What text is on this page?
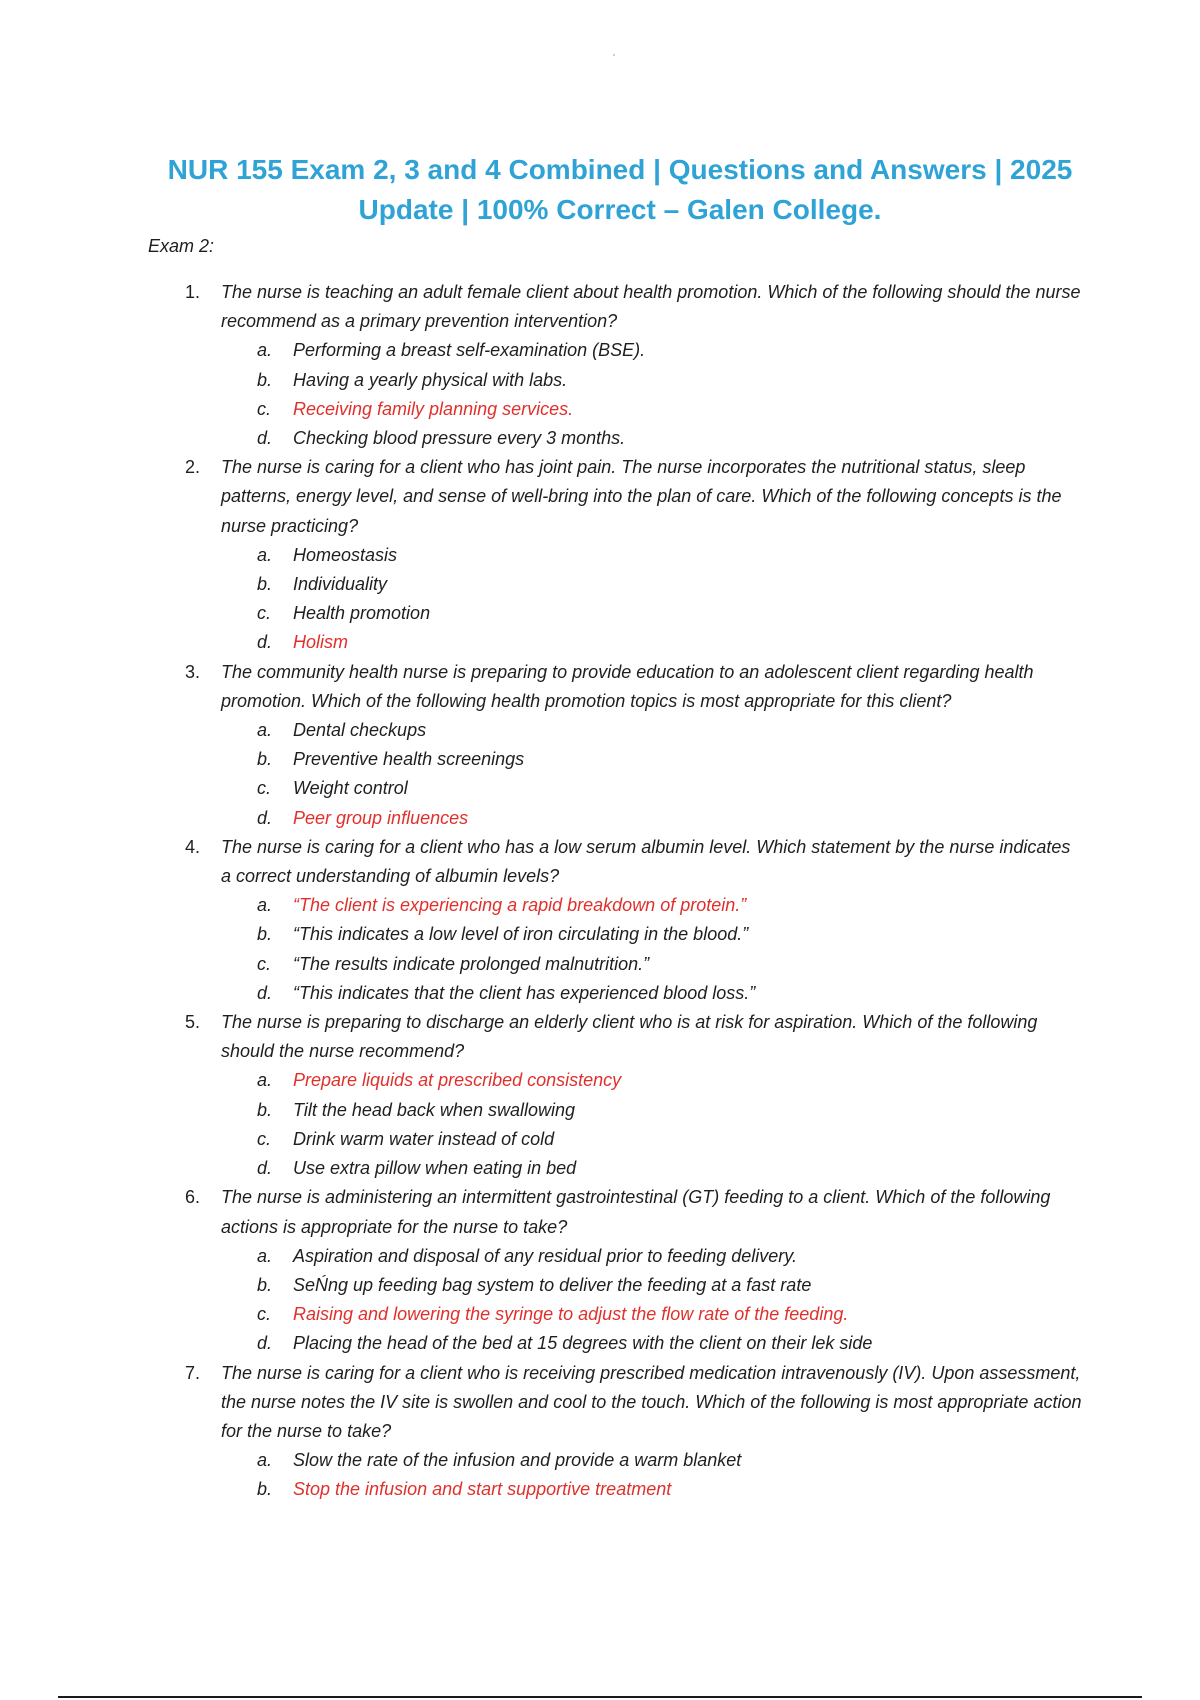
NUR 155 Exam 2, 3 and 4 Combined | Questions and Answers | 2025 Update | 100% Correct – Galen College.
Exam 2:
1.	The nurse is teaching an adult female client about health promotion. Which of the following should the nurse recommend as a primary prevention intervention?
a. Performing a breast self-examination (BSE).
b. Having a yearly physical with labs.
c. Receiving family planning services.
d. Checking blood pressure every 3 months.
2.	The nurse is caring for a client who has joint pain. The nurse incorporates the nutritional status, sleep patterns, energy level, and sense of well-bring into the plan of care. Which of the following concepts is the nurse practicing?
a. Homeostasis
b. Individuality
c. Health promotion
d. Holism
3.	The community health nurse is preparing to provide education to an adolescent client regarding health promotion. Which of the following health promotion topics is most appropriate for this client?
a. Dental checkups
b. Preventive health screenings
c. Weight control
d. Peer group influences
4.	The nurse is caring for a client who has a low serum albumin level. Which statement by the nurse indicates a correct understanding of albumin levels?
a. “The client is experiencing a rapid breakdown of protein.”
b. “This indicates a low level of iron circulating in the blood.”
c. “The results indicate prolonged malnutrition.”
d. “This indicates that the client has experienced blood loss.”
5.	The nurse is preparing to discharge an elderly client who is at risk for aspiration. Which of the following should the nurse recommend?
a. Prepare liquids at prescribed consistency
b. Tilt the head back when swallowing
c. Drink warm water instead of cold
d. Use extra pillow when eating in bed
6.	The nurse is administering an intermittent gastrointestinal (GT) feeding to a client. Which of the following actions is appropriate for the nurse to take?
a. Aspiration and disposal of any residual prior to feeding delivery.
b. SeŃng up feeding bag system to deliver the feeding at a fast rate
c. Raising and lowering the syringe to adjust the flow rate of the feeding.
d. Placing the head of the bed at 15 degrees with the client on their lek side
7.	The nurse is caring for a client who is receiving prescribed medication intravenously (IV). Upon assessment, the nurse notes the IV site is swollen and cool to the touch. Which of the following is most appropriate action for the nurse to take?
a. Slow the rate of the infusion and provide a warm blanket
b. Stop the infusion and start supportive treatment
